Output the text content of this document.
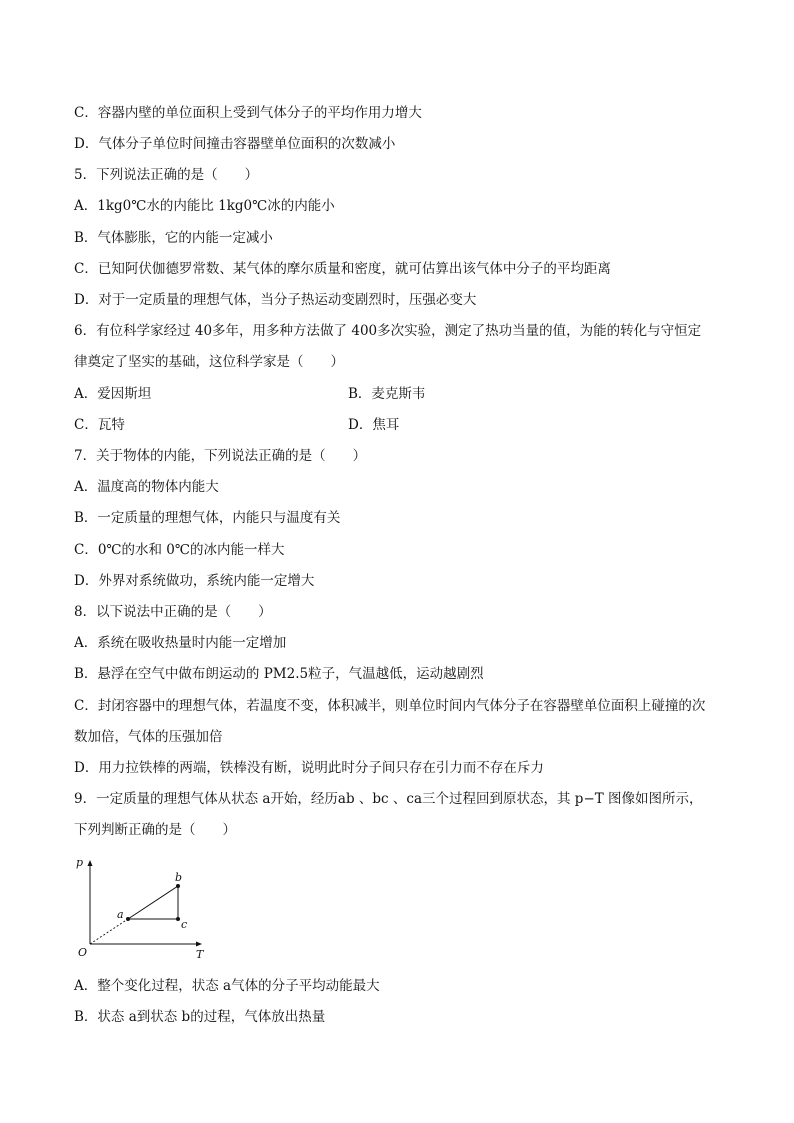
C．容器内壁的单位面积上受到气体分子的平均作用力增大
D．气体分子单位时间撞击容器壁单位面积的次数减小
5．下列说法正确的是（　　）
A．1kg0℃水的内能比 1kg0℃冰的内能小
B．气体膨胀，它的内能一定减小
C．已知阿伏伽德罗常数、某气体的摩尔质量和密度，就可估算出该气体中分子的平均距离
D．对于一定质量的理想气体，当分子热运动变剧烈时，压强必变大
6．有位科学家经过 40多年，用多种方法做了 400多次实验，测定了热功当量的值，为能的转化与守恒定
律奠定了坚实的基础，这位科学家是（　　）
A．爱因斯坦	B．麦克斯韦
C．瓦特	D．焦耳
7．关于物体的内能，下列说法正确的是（　　）
A．温度高的物体内能大
B．一定质量的理想气体，内能只与温度有关
C．0℃的水和 0℃的冰内能一样大
D．外界对系统做功，系统内能一定增大
8．以下说法中正确的是（　　）
A．系统在吸收热量时内能一定增加
B．悬浮在空气中做布朗运动的 PM2.5粒子，气温越低，运动越剧烈
C．封闭容器中的理想气体，若温度不变，体积减半，则单位时间内气体分子在容器壁单位面积上碰撞的次
数加倍，气体的压强加倍
D．用力拉铁棒的两端，铁棒没有断，说明此时分子间只存在引力而不存在斥力
9．一定质量的理想气体从状态 a开始，经历ab 、bc 、ca三个过程回到原状态，其 p−T 图像如图所示，
下列判断正确的是（　　）
p
T
O
a
b
c
A．整个变化过程，状态 a气体的分子平均动能最大
B．状态 a到状态 b的过程，气体放出热量
